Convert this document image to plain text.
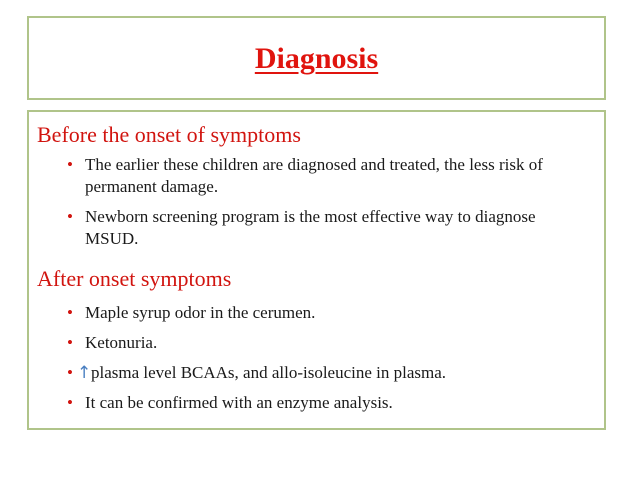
Diagnosis
Before the onset of symptoms
• The earlier these children are diagnosed and treated, the less risk of permanent damage.
• Newborn screening program is the most effective way to diagnose MSUD.
After onset symptoms
• Maple syrup odor in the cerumen.
• Ketonuria.
• ↑ plasma level BCAAs, and allo-isoleucine in plasma.
• It can be confirmed with an enzyme analysis.
